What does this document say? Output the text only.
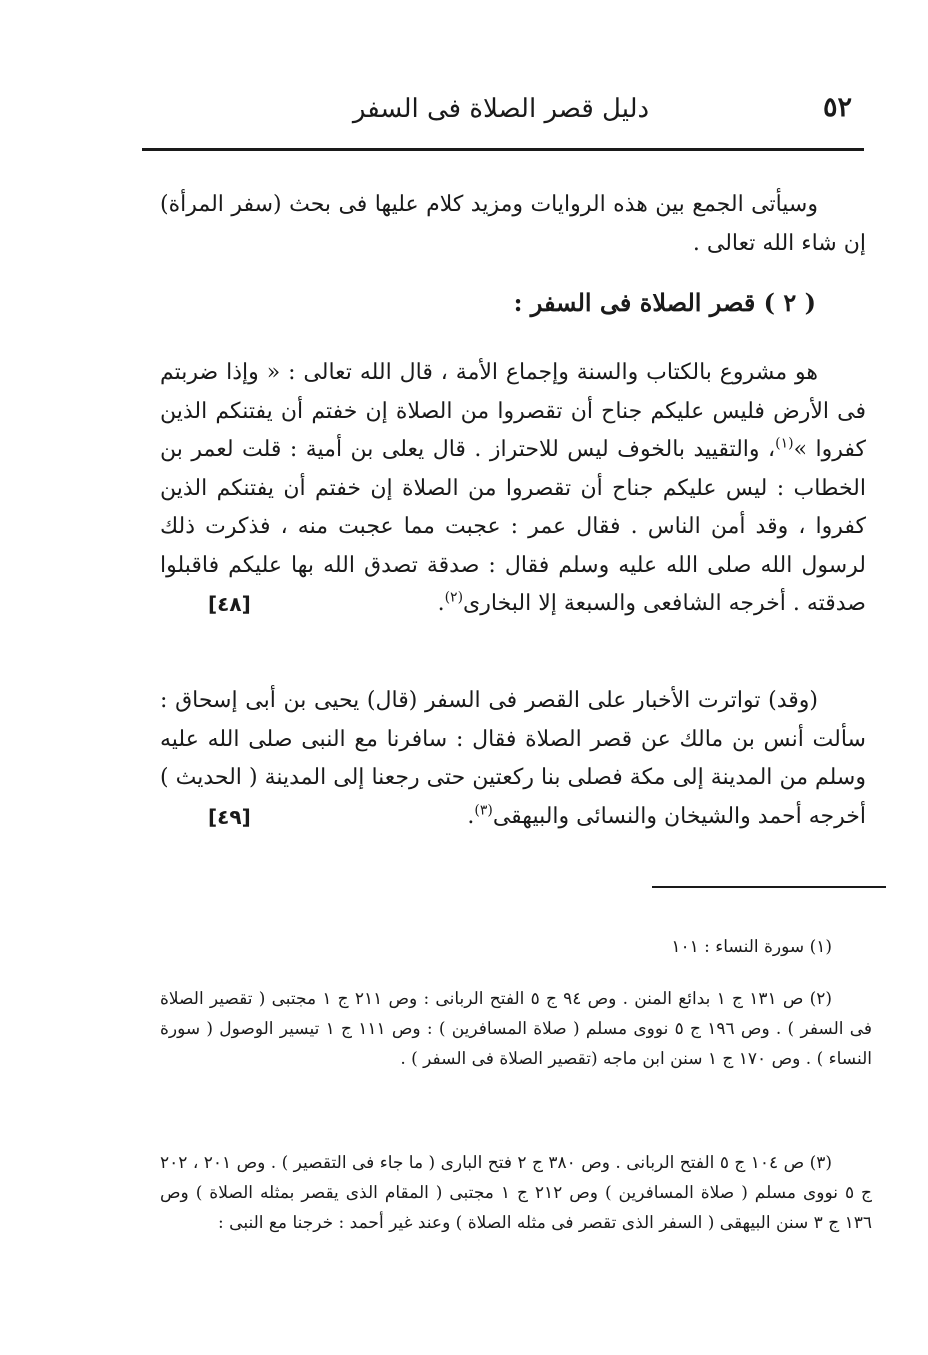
٥٢
دليل قصر الصلاة فى السفر

وسيأتى الجمع بين هذه الروايات ومزيد كلام عليها فى بحث (سفر المرأة) إن شاء الله تعالى .

( ٢ ) قصر الصلاة فى السفر :

هو مشروع بالكتاب والسنة وإجماع الأمة ، قال الله تعالى : « وإذا ضربتم فى الأرض فليس عليكم جناح أن تقصروا من الصلاة إن خفتم أن يفتنكم الذين كفروا »$^{(١)}$، والتقييد بالخوف ليس للاحتراز . قال يعلى بن أمية : قلت لعمر بن الخطاب : ليس عليكم جناح أن تقصروا من الصلاة إن خفتم أن يفتنكم الذين كفروا ، وقد أمن الناس . فقال عمر : عجبت مما عجبت منه ، فذكرت ذلك لرسول الله صلى الله عليه وسلم فقال : صدقة تصدق الله بها عليكم فاقبلوا صدقته . أخرجه الشافعى والسبعة إلا البخارى$^{(٢)}$.
[٤٨]

(وقد) تواترت الأخبار على القصر فى السفر (قال) يحيى بن أبى إسحاق : سألت أنس بن مالك عن قصر الصلاة فقال : سافرنا مع النبى صلى الله عليه وسلم من المدينة إلى مكة فصلى بنا ركعتين حتى رجعنا إلى المدينة ( الحديث ) أخرجه أحمد والشيخان والنسائى والبيهقى$^{(٣)}$.
[٤٩]

(١) سورة النساء : ١٠١

(٢) ص ١٣١ ج ١ بدائع المنن . وص ٩٤ ج ٥ الفتح الربانى : وص ٢١١ ج ١ مجتبى ( تقصير الصلاة فى السفر ) . وص ١٩٦ ج ٥ نووى مسلم ( صلاة المسافرين ) : وص ١١١ ج ١ تيسير الوصول ( سورة النساء ) . وص ١٧٠ ج ١ سنن ابن ماجه (تقصير الصلاة فى السفر ) .

(٣) ص ١٠٤ ج ٥ الفتح الربانى . وص ٣٨٠ ج ٢ فتح البارى ( ما جاء فى التقصير ) . وص ٢٠١ ، ٢٠٢ ج ٥ نووى مسلم ( صلاة المسافرين ) وص ٢١٢ ج ١ مجتبى ( المقام الذى يقصر بمثله الصلاة ) وص ١٣٦ ج ٣ سنن البيهقى ( السفر الذى تقصر فى مثله الصلاة ) وعند غير أحمد : خرجنا مع النبى :
